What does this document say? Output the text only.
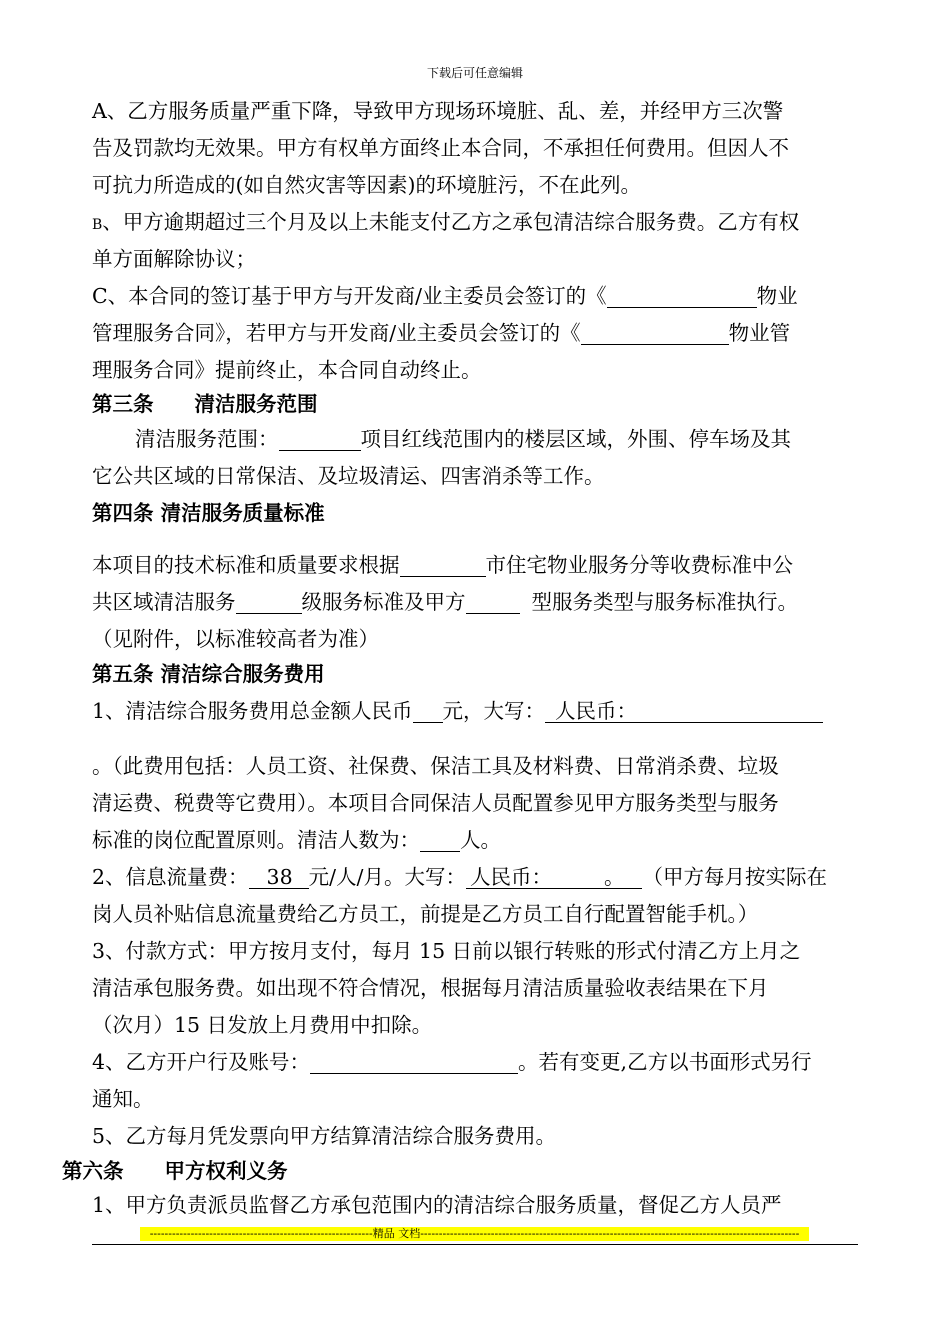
下载后可任意编辑
A、乙方服务质量严重下降，导致甲方现场环境脏、乱、差，并经甲方三次警
告及罚款均无效果。甲方有权单方面终止本合同，不承担任何费用。但因人不
可抗力所造成的(如自然灾害等因素)的环境脏污，不在此列。
B、甲方逾期超过三个月及以上未能支付乙方之承包清洁综合服务费。乙方有权
单方面解除协议；
C、本合同的签订基于甲方与开发商/业主委员会签订的《	物业
管理服务合同》，若甲方与开发商/业主委员会签订的《	物业管
理服务合同》提前终止，本合同自动终止。
第三条　　清洁服务范围
清洁服务范围：	项目红线范围内的楼层区域，外围、停车场及其
它公共区域的日常保洁、及垃圾清运、四害消杀等工作。
第四条 清洁服务质量标准
本项目的技术标准和质量要求根据	市住宅物业服务分等收费标准中公
共区域清洁服务	级服务标准及甲方	型服务类型与服务标准执行。
（见附件，以标准较高者为准）
第五条 清洁综合服务费用
1、清洁综合服务费用总金额人民币 元，大写： 人民币：
。（此费用包括：人员工资、社保费、保洁工具及材料费、日常消杀费、垃圾
清运费、税费等它费用）。本项目合同保洁人员配置参见甲方服务类型与服务
标准的岗位配置原则。清洁人数为： 人。
2、信息流量费： 38 元/人/月。大写： 人民币：	。 （甲方每月按实际在
岗人员补贴信息流量费给乙方员工，前提是乙方员工自行配置智能手机。）
3、付款方式：甲方按月支付，每月 15 日前以银行转账的形式付清乙方上月之
清洁承包服务费。如出现不符合情况，根据每月清洁质量验收表结果在下月
（次月）15 日发放上月费用中扣除。
4、乙方开户行及账号：	。若有变更,乙方以书面形式另行
通知。
5、乙方每月凭发票向甲方结算清洁综合服务费用。
第六条　　甲方权利义务
1、甲方负责派员监督乙方承包范围内的清洁综合服务质量，督促乙方人员严
------------------------------------------------------------精品 文档------------------------------------------------------------------------------------------------------
